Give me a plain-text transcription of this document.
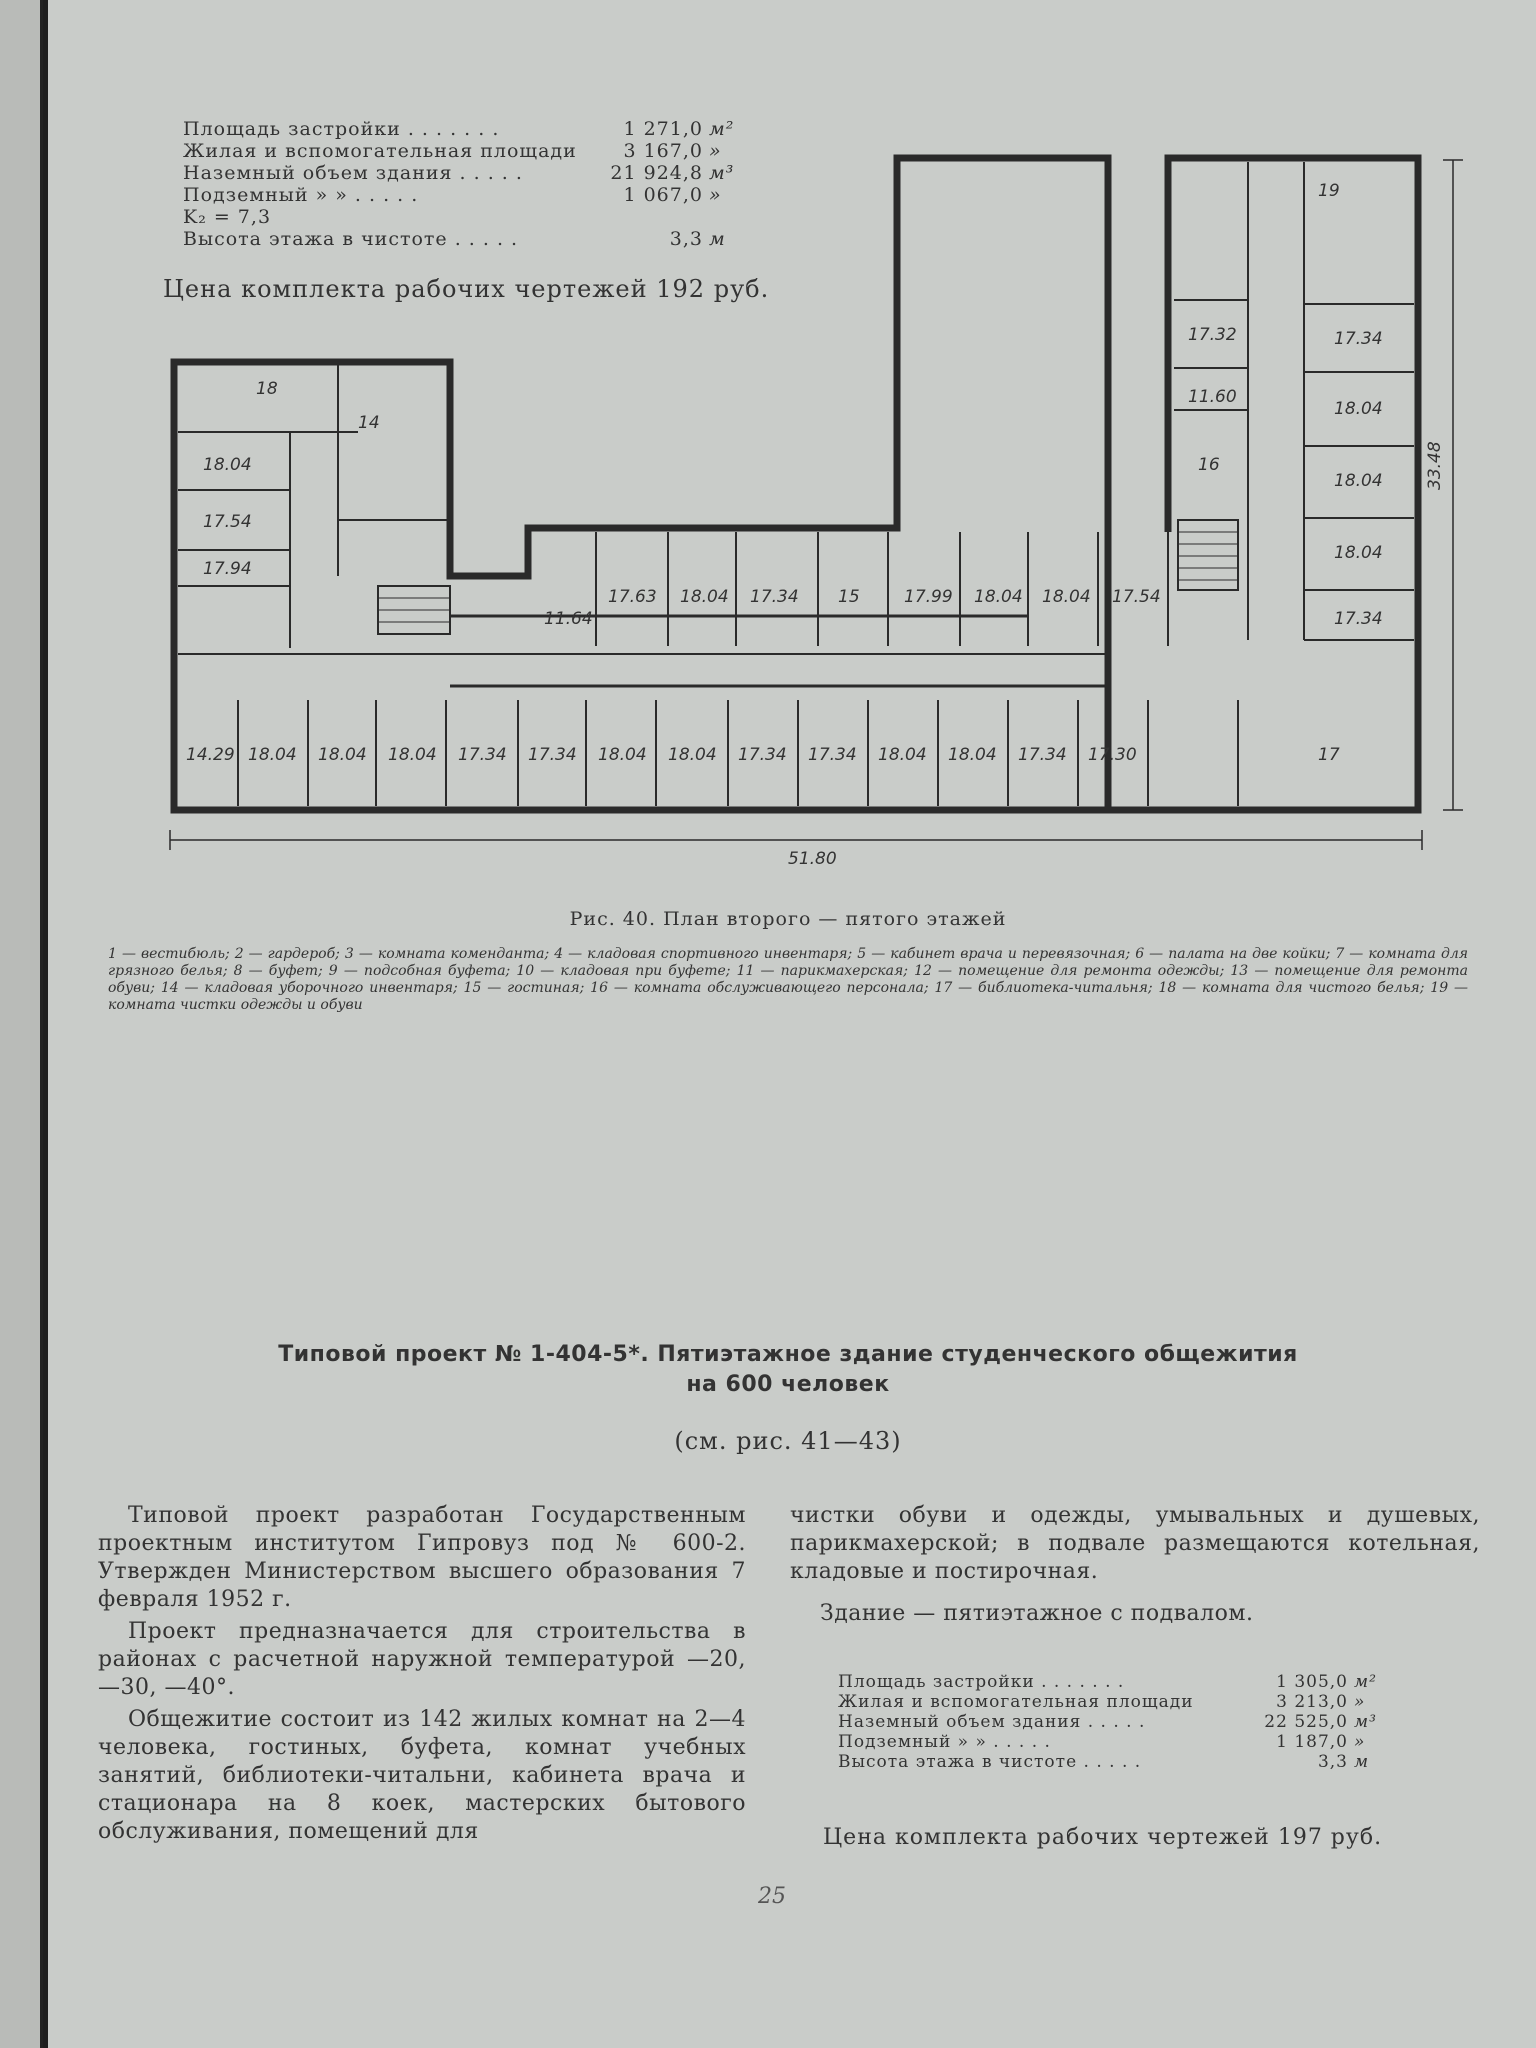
Площадь застройки . . . . . . .	1 271,0 м²
Жилая и вспомогательная площади	3 167,0 »
Наземный объем здания . . . . .	21 924,8 м³
Подземный » » . . . . .	1 067,0 »
K₂ = 7,3
Высота этажа в чистоте . . . . .	3,3 м
Цена комплекта рабочих чертежей 192 руб.
18
14
18.04
17.54
17.94
11.64
17.63 18.04 17.34 15	17.99 18.04 18.04 17.54
14.29 18.04 18.04 18.04 17.34 17.34 18.04 18.04 17.34 17.34 18.04 18.04 17.34 17.30	17
17.32
11.60
16
19
17.34
18.04
18.04
18.04
17.34
51.80
33.48
Рис. 40. План второго — пятого этажей
1 — вестибюль; 2 — гардероб; 3 — комната коменданта; 4 — кладовая спортивного инвентаря; 5 — кабинет врача и перевязочная; 6 — палата на две койки; 7 — комната для грязного белья; 8 — буфет; 9 — подсобная буфета; 10 — кладовая при буфете; 11 — парикмахерская; 12 — помещение для ремонта одежды; 13 — помещение для ремонта обуви; 14 — кладовая уборочного инвентаря; 15 — гостиная; 16 — комната обслуживающего персонала; 17 — библиотека-читальня; 18 — комната для чистого белья; 19 — комната чистки одежды и обуви
Типовой проект № 1-404-5*. Пятиэтажное здание студенческого общежития
на 600 человек
(см. рис. 41—43)

Типовой проект разработан Государственным проектным институтом Гипровуз под № 600-2. Утвержден Министерством высшего образования 7 февраля 1952 г.

Проект предназначается для строительства в районах с расчетной наружной температурой —20, —30, —40°.

Общежитие состоит из 142 жилых комнат на 2—4 человека, гостиных, буфета, комнат учебных занятий, библиотеки-читальни, кабинета врача и стационара на 8 коек, мастерских бытового обслуживания, помещений для

чистки обуви и одежды, умывальных и душевых, парикмахерской; в подвале размещаются котельная, кладовые и постирочная.

Здание — пятиэтажное с подвалом.

Площадь застройки . . . . . . .	1 305,0 м²
Жилая и вспомогательная площади	3 213,0 »
Наземный объем здания . . . . .	22 525,0 м³
Подземный » » . . . . .	1 187,0 »
Высота этажа в чистоте . . . . .	3,3 м
Цена комплекта рабочих чертежей 197 руб.
25
